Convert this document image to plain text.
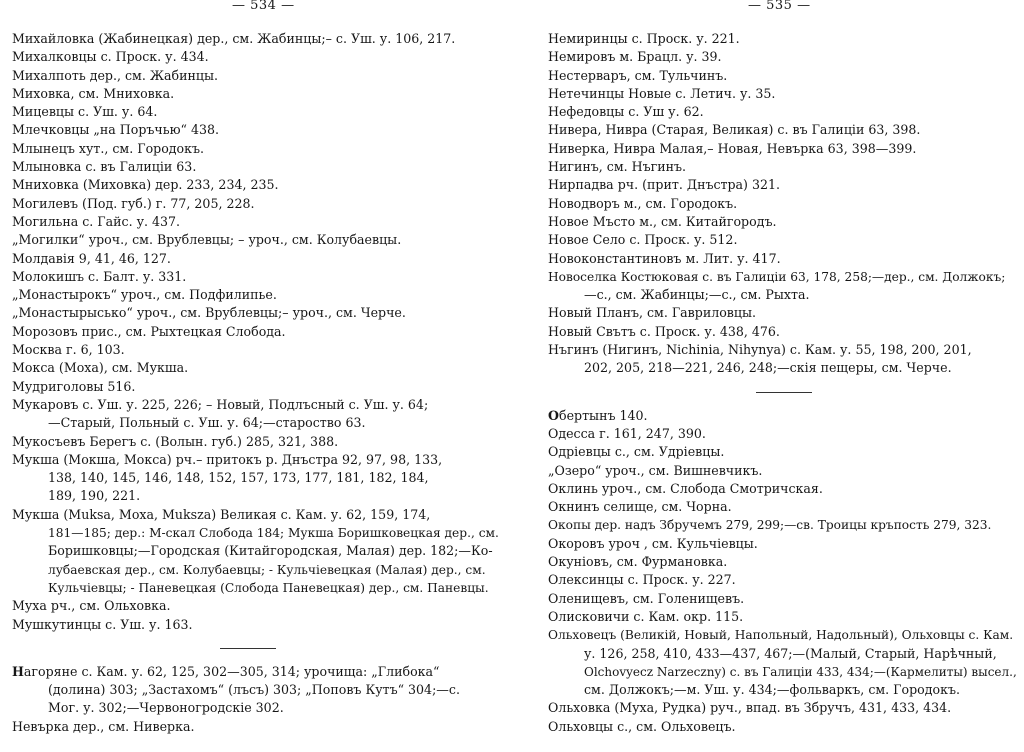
— 534 —
Михайловка (Жабинецкая) дер., см. Жабинцы;– с. Уш. у. 106, 217.
Михалковцы с. Проск. у. 434.
Михалпоть дер., см. Жабинцы.
Миховка, см. Мниховка.
Мицевцы с. Уш. у. 64.
Млечковцы „на Поръчью“ 438.
Млынецъ хут., см. Городокъ.
Млыновка с. въ Галицiи 63.
Мниховка (Миховка) дер. 233, 234, 235.
Могилевъ (Под. губ.) г. 77, 205, 228.
Могильна с. Гайс. у. 437.
„Могилки“ уроч., см. Врублевцы; – уроч., см. Колубаевцы.
Молдавiя 9, 41, 46, 127.
Молокишъ с. Балт. у. 331.
„Монастырокъ“ уроч., см. Подфилипье.
„Монастырысько“ уроч., см. Врублевцы;– уроч., см. Черче.
Морозовъ прис., см. Рыхтецкая Слобода.
Москва г. 6, 103.
Мокса (Моха), см. Мукша.
Мудриголовы 516.
Мукаровъ с. Уш. у. 225, 226; – Новый, Подлъсный с. Уш. у. 64;
—Старый, Польный с. Уш. у. 64;—староство 63.
Мукосъевъ Берегъ с. (Волын. губ.) 285, 321, 388.
Мукша (Мокша, Мокса) рч.– притокъ р. Днъстра 92, 97, 98, 133,
138, 140, 145, 146, 148, 152, 157, 173, 177, 181, 182, 184,
189, 190, 221.
Мукша (Muksa, Моха, Muksza) Великая с. Кам. у. 62, 159, 174,
181—185; дер.: М-скал Слобода 184; Мукша Боришковецкая дер., см.
Боришковцы;—Городская (Китайгородская, Малая) дер. 182;—Ко-
лубаевская дер., см. Колубаевцы; - Кульчiевецкая (Малая) дер., см.
Кульчiевцы; - Паневецкая (Слобода Паневецкая) дер., см. Паневцы.
Муха рч., см. Ольховка.
Мушкутинцы с. Уш. у. 163.
Нагоряне с. Кам. у. 62, 125, 302—305, 314; урочища: „Глибока“
(долина) 303; „Застахомъ“ (лъсъ) 303; „Поповъ Кутъ“ 304;—с.
Мог. у. 302;—Червоногродскiе 302.
Невърка дер., см. Ниверка.
— 535 —
Немиринцы с. Проск. у. 221.
Немировъ м. Брацл. у. 39.
Нестерваръ, см. Тульчинъ.
Нетечинцы Новые с. Летич. у. 35.
Нефедовцы с. Уш у. 62.
Нивера, Нивра (Старая, Великая) с. въ Галицiи 63, 398.
Ниверка, Нивра Малая,– Новая, Невърка 63, 398—399.
Нигинъ, см. Нъгинъ.
Нирпадва рч. (прит. Днъстра) 321.
Новодворъ м., см. Городокъ.
Новое Мъсто м., см. Китайгородъ.
Новое Село с. Проск. у. 512.
Новоконстантиновъ м. Лит. у. 417.
Новоселка Костюковая с. въ Галицiи 63, 178, 258;—дер., см. Должокъ;
—с., см. Жабинцы;—с., см. Рыхта.
Новый Планъ, см. Гавриловцы.
Новый Свътъ с. Проск. у. 438, 476.
Нъгинъ (Нигинъ, Nichinia, Nihynya) с. Кам. у. 55, 198, 200, 201,
202, 205, 218—221, 246, 248;—скiя пещеры, см. Черче.
Обертынъ 140.
Одесса г. 161, 247, 390.
Одрiевцы с., см. Удрiевцы.
„Озеро“ уроч., см. Вишневчикъ.
Оклинь уроч., см. Слобода Смотричская.
Окнинъ селище, см. Чорна.
Окопы дер. надъ Збручемъ 279, 299;—св. Троицы кръпость 279, 323.
Окоровъ уроч , см. Кульчiевцы.
Окунiовъ, см. Фурмановка.
Олексинцы с. Проск. у. 227.
Оленищевъ, см. Голенищевъ.
Олисковичи с. Кам. окр. 115.
Ольховецъ (Великiй, Новый, Напольный, Надольный), Ольховцы с. Кам.
у. 126, 258, 410, 433—437, 467;—(Малый, Старый, Нарѣчный,
Olchovyecz Narzeczny) с. въ Галицiи 433, 434;—(Кармелиты) высел.,
см. Должокъ;—м. Уш. у. 434;—фольваркъ, см. Городокъ.
Ольховка (Муха, Рудка) руч., впад. въ Збручъ, 431, 433, 434.
Ольховцы с., см. Ольховецъ.
